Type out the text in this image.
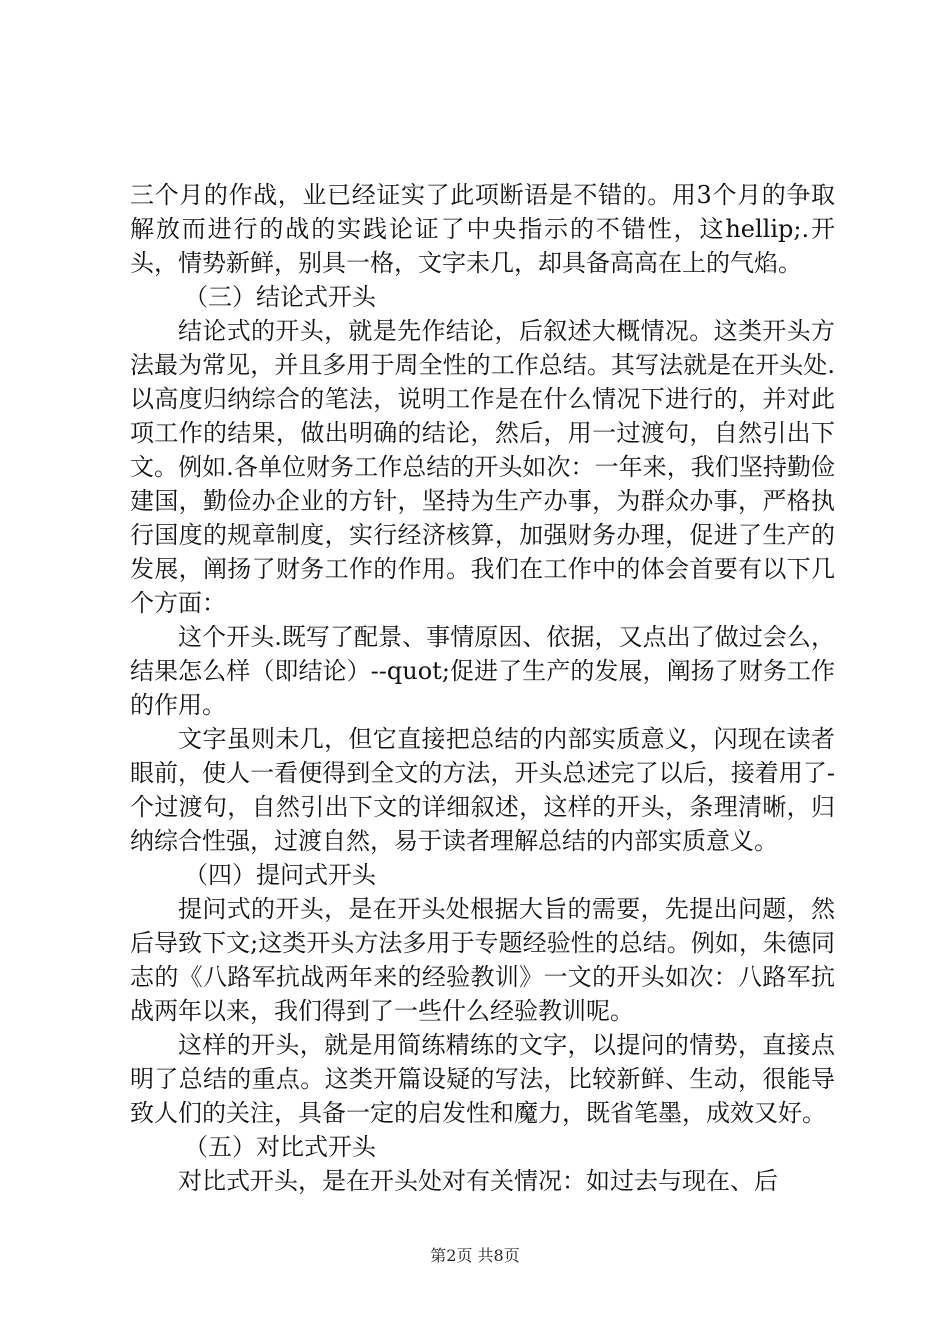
三个月的作战，业已经证实了此项断语是不错的。用3个月的争取解放而进行的战的实践论证了中央指示的不错性，这hellip;.开头，情势新鲜，别具一格，文字未几，却具备高高在上的气焰。

（三）结论式开头

结论式的开头，就是先作结论，后叙述大概情况。这类开头方法最为常见，并且多用于周全性的工作总结。其写法就是在开头处.以高度归纳综合的笔法，说明工作是在什么情况下进行的，并对此项工作的结果，做出明确的结论，然后，用一过渡句，自然引出下文。例如.各单位财务工作总结的开头如次：一年来，我们坚持勤俭建国，勤俭办企业的方针，坚持为生产办事，为群众办事，严格执行国度的规章制度，实行经济核算，加强财务办理，促进了生产的发展，阐扬了财务工作的作用。我们在工作中的体会首要有以下几个方面：

这个开头.既写了配景、事情原因、依据，又点出了做过会么，结果怎么样（即结论）--quot;促进了生产的发展，阐扬了财务工作的作用。

文字虽则未几，但它直接把总结的内部实质意义，闪现在读者眼前，使人一看便得到全文的方法，开头总述完了以后，接着用了-个过渡句，自然引出下文的详细叙述，这样的开头，条理清晰，归纳综合性强，过渡自然，易于读者理解总结的内部实质意义。

（四）提问式开头

提问式的开头，是在开头处根据大旨的需要，先提出问题，然后导致下文;这类开头方法多用于专题经验性的总结。例如，朱德同志的《八路军抗战两年来的经验教训》一文的开头如次：八路军抗战两年以来，我们得到了一些什么经验教训呢。

这样的开头，就是用简练精练的文字，以提问的情势，直接点明了总结的重点。这类开篇设疑的写法，比较新鲜、生动，很能导致人们的关注，具备一定的启发性和魔力，既省笔墨，成效又好。

（五）对比式开头

对比式开头，是在开头处对有关情况：如过去与现在、后

第2页 共8页
